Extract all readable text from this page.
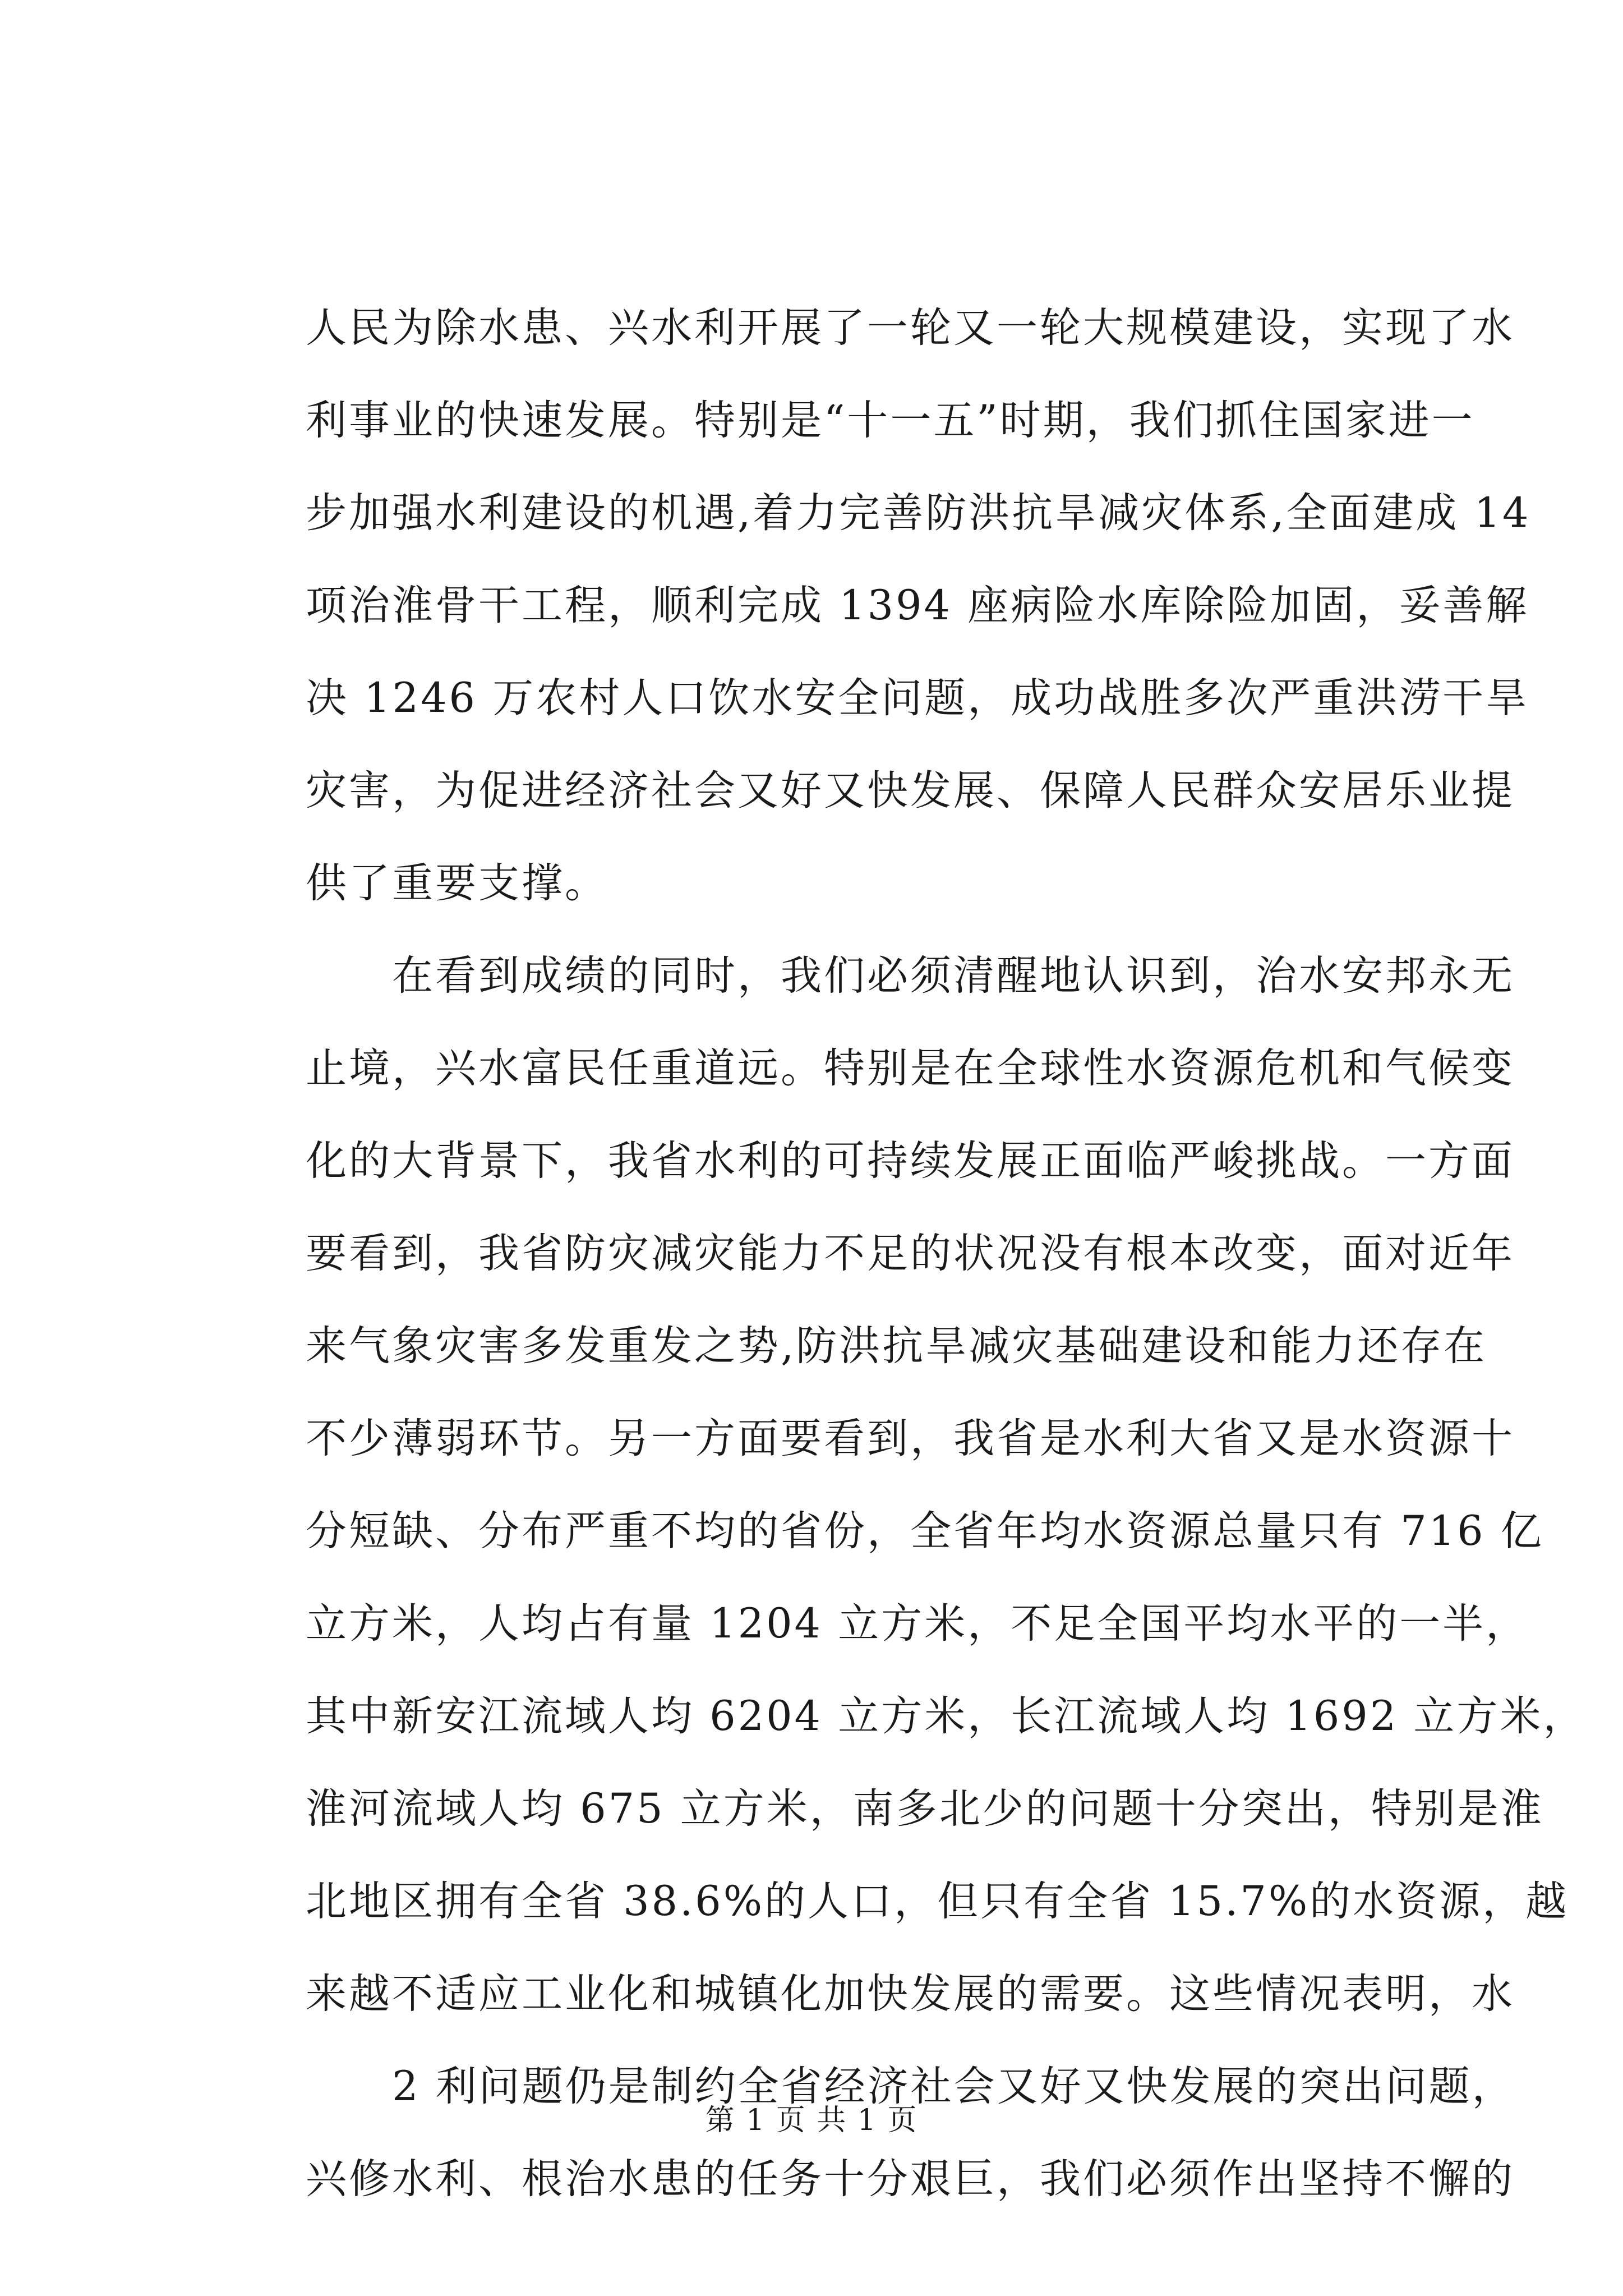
人民为除水患、兴水利开展了一轮又一轮大规模建设，实现了水
利事业的快速发展。特别是“十一五”时期，我们抓住国家进一
步加强水利建设的机遇,着力完善防洪抗旱减灾体系,全面建成 14
项治淮骨干工程，顺利完成 1394 座病险水库除险加固，妥善解
决 1246 万农村人口饮水安全问题，成功战胜多次严重洪涝干旱
灾害，为促进经济社会又好又快发展、保障人民群众安居乐业提
供了重要支撑。
　　在看到成绩的同时，我们必须清醒地认识到，治水安邦永无
止境，兴水富民任重道远。特别是在全球性水资源危机和气候变
化的大背景下，我省水利的可持续发展正面临严峻挑战。一方面
要看到，我省防灾减灾能力不足的状况没有根本改变，面对近年
来气象灾害多发重发之势,防洪抗旱减灾基础建设和能力还存在
不少薄弱环节。另一方面要看到，我省是水利大省又是水资源十
分短缺、分布严重不均的省份，全省年均水资源总量只有 716 亿
立方米，人均占有量 1204 立方米，不足全国平均水平的一半，
其中新安江流域人均 6204 立方米，长江流域人均 1692 立方米，
淮河流域人均 675 立方米，南多北少的问题十分突出，特别是淮
北地区拥有全省 38.6%的人口，但只有全省 15.7%的水资源，越
来越不适应工业化和城镇化加快发展的需要。这些情况表明，水
　　2 利问题仍是制约全省经济社会又好又快发展的突出问题，
兴修水利、根治水患的任务十分艰巨，我们必须作出坚持不懈的
第 1 页 共 1 页
